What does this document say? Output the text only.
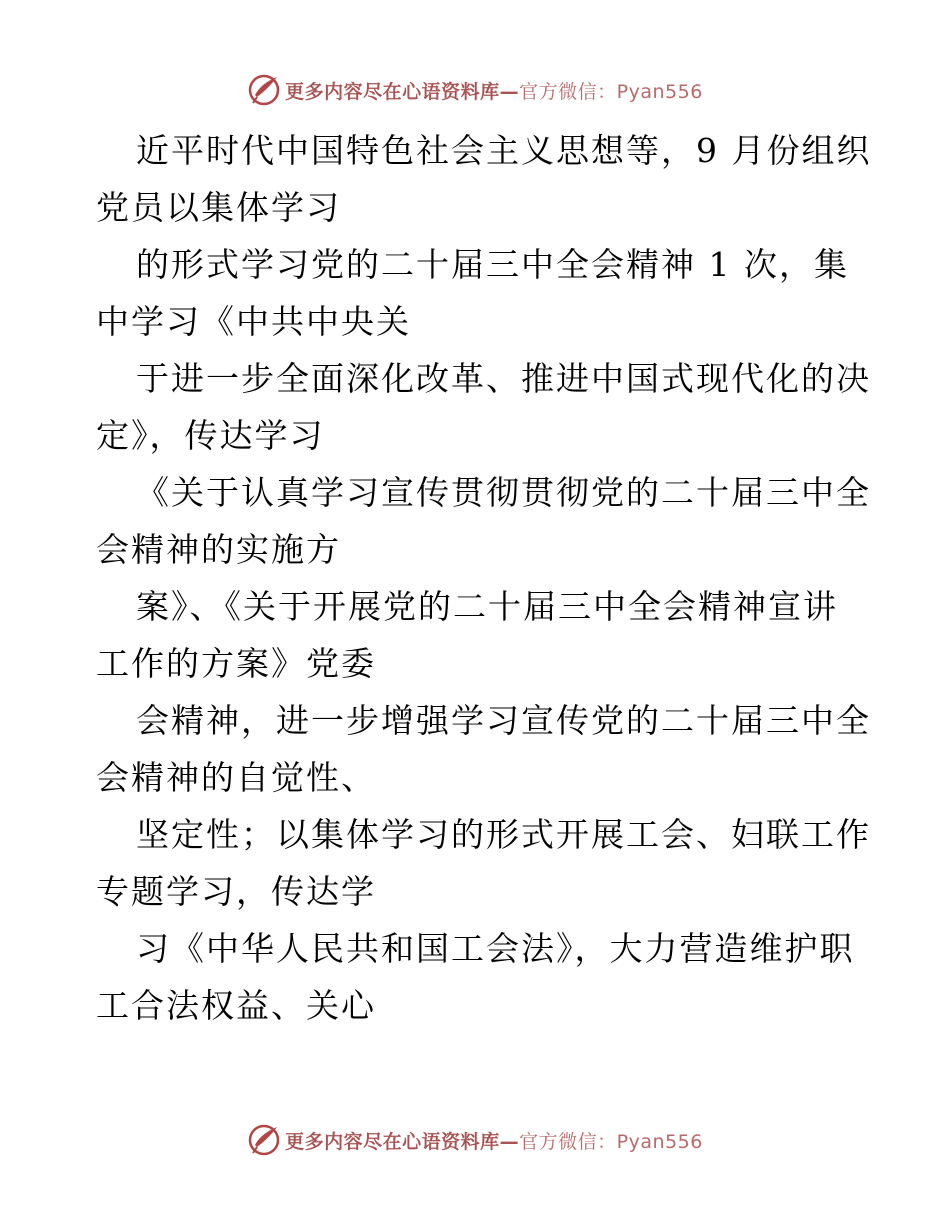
更多内容尽在心语资料库—官方微信：Pyan556

近平时代中国特色社会主义思想等，9 月份组织
党员以集体学习

的形式学习党的二十届三中全会精神 1 次，集
中学习《中共中央关

于进一步全面深化改革、推进中国式现代化的决
定》，传达学习

《关于认真学习宣传贯彻贯彻党的二十届三中全
会精神的实施方

案》、《关于开展党的二十届三中全会精神宣讲
工作的方案》党委

会精神，进一步增强学习宣传党的二十届三中全
会精神的自觉性、

坚定性；以集体学习的形式开展工会、妇联工作
专题学习，传达学

习《中华人民共和国工会法》，大力营造维护职
工合法权益、关心

更多内容尽在心语资料库—官方微信：Pyan556
